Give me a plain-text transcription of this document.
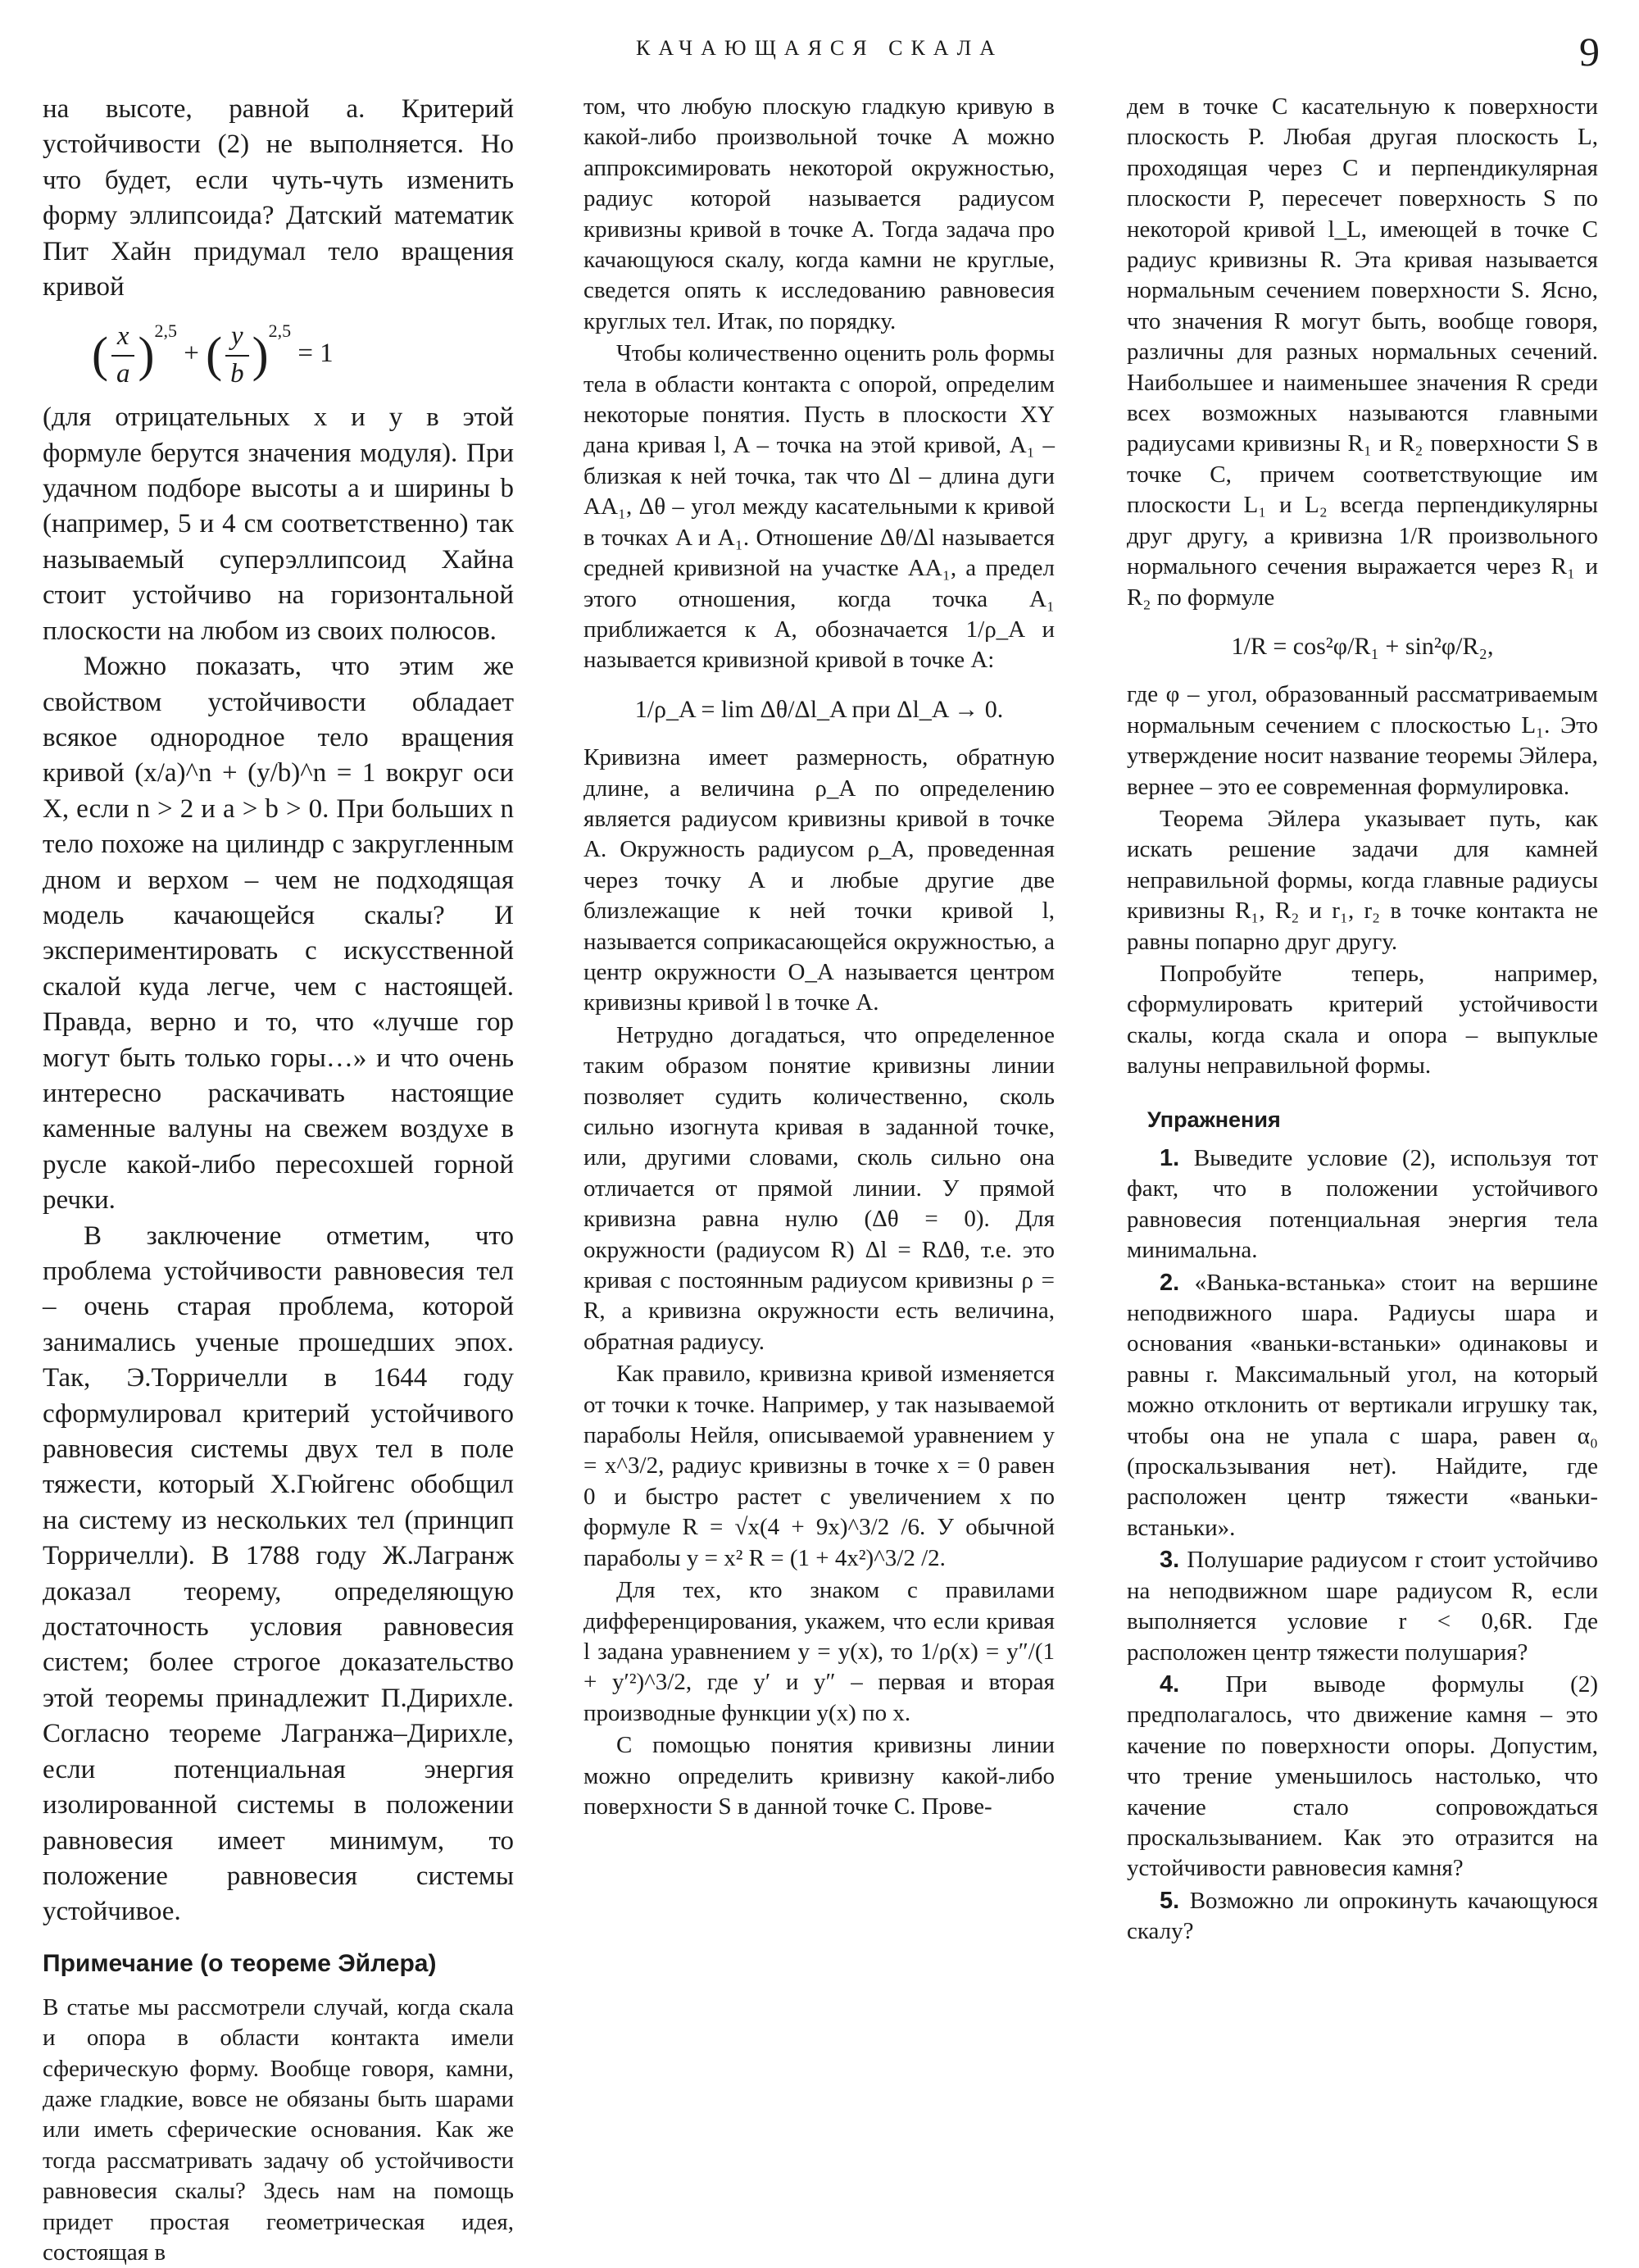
КАЧАЮЩАЯСЯ СКАЛА	9

на высоте, равной a. Критерий устойчивости (2) не выполняется. Но что будет, если чуть-чуть изменить форму эллипсоида? Датский математик Пит Хайн придумал тело вращения кривой

( $\frac{x}{a} )^{2,5}$ + ( $\frac{y}{b} )^{2,5} = 1$

(для отрицательных x и y в этой формуле берутся значения модуля). При удачном подборе высоты a и ширины b (например, 5 и 4 см соответственно) так называемый суперэллипсоид Хайна стоит устойчиво на горизонтальной плоскости на любом из своих полюсов.

Можно показать, что этим же свойством устойчивости обладает всякое однородное тело вращения кривой (x/a)^n + (y/b)^n = 1 вокруг оси X, если n > 2 и a > b > 0. При больших n тело похоже на цилиндр с закругленным дном и верхом – чем не подходящая модель качающейся скалы? И экспериментировать с искусственной скалой куда легче, чем с настоящей. Правда, верно и то, что «лучше гор могут быть только горы…» и что очень интересно раскачивать настоящие каменные валуны на свежем воздухе в русле какой-либо пересохшей горной речки.

В заключение отметим, что проблема устойчивости равновесия тел – очень старая проблема, которой занимались ученые прошедших эпох. Так, Э.Торричелли в 1644 году сформулировал критерий устойчивого равновесия системы двух тел в поле тяжести, который Х.Гюйгенс обобщил на систему из нескольких тел (принцип Торричелли). В 1788 году Ж.Лагранж доказал теорему, определяющую достаточность условия равновесия систем; более строгое доказательство этой теоремы принадлежит П.Дирихле. Согласно теореме Лагранжа–Дирихле, если потенциальная энергия изолированной системы в положении равновесия имеет минимум, то положение равновесия системы устойчивое.

Примечание (о теореме Эйлера)

В статье мы рассмотрели случай, когда скала и опора в области контакта имели сферическую форму. Вообще говоря, камни, даже гладкие, вовсе не обязаны быть шарами или иметь сферические основания. Как же тогда рассматривать задачу об устойчивости равновесия скалы? Здесь нам на помощь придет простая геометрическая идея, состоящая в

том, что любую плоскую гладкую кривую в какой-либо произвольной точке A можно аппроксимировать некоторой окружностью, радиус которой называется радиусом кривизны кривой в точке A. Тогда задача про качающуюся скалу, когда камни не круглые, сведется опять к исследованию равновесия круглых тел. Итак, по порядку.

Чтобы количественно оценить роль формы тела в области контакта с опорой, определим некоторые понятия. Пусть в плоскости XY дана кривая l, A – точка на этой кривой, A₁ – близкая к ней точка, так что Δl – длина дуги AA₁, Δθ – угол между касательными к кривой в точках A и A₁. Отношение Δθ/Δl называется средней кривизной на участке AA₁, а предел этого отношения, когда точка A₁ приближается к A, обозначается 1/ρ_A и называется кривизной кривой в точке A:

1/ρ_A = lim Δθ/Δl_A при Δl_A → 0.

Кривизна имеет размерность, обратную длине, а величина ρ_A по определению является радиусом кривизны кривой в точке A. Окружность радиусом ρ_A, проведенная через точку A и любые другие две близлежащие к ней точки кривой l, называется соприкасающейся окружностью, а центр окружности O_A называется центром кривизны кривой l в точке A.

Нетрудно догадаться, что определенное таким образом понятие кривизны линии позволяет судить количественно, сколь сильно изогнута кривая в заданной точке, или, другими словами, сколь сильно она отличается от прямой линии. У прямой кривизна равна нулю (Δθ = 0). Для окружности (радиусом R) Δl = RΔθ, т.е. это кривая с постоянным радиусом кривизны ρ = R, а кривизна окружности есть величина, обратная радиусу.

Как правило, кривизна кривой изменяется от точки к точке. Например, у так называемой параболы Нейля, описываемой уравнением y = x^3/2, радиус кривизны в точке x = 0 равен 0 и быстро растет с увеличением x по формуле R = √x(4 + 9x)^3/2 /6. У обычной параболы y = x² R = (1 + 4x²)^3/2 /2.

Для тех, кто знаком с правилами дифференцирования, укажем, что если кривая l задана уравнением y = y(x), то 1/ρ(x) = y″/(1 + y′²)^3/2, где y′ и y″ – первая и вторая производные функции y(x) по x.

С помощью понятия кривизны линии можно определить кривизну какой-либо поверхности S в данной точке C. Прове-

дем в точке C касательную к поверхности плоскость P. Любая другая плоскость L, проходящая через C и перпендикулярная плоскости P, пересечет поверхность S по некоторой кривой l_L, имеющей в точке C радиус кривизны R. Эта кривая называется нормальным сечением поверхности S. Ясно, что значения R могут быть, вообще говоря, различны для разных нормальных сечений. Наибольшее и наименьшее значения R среди всех возможных называются главными радиусами кривизны R₁ и R₂ поверхности S в точке C, причем соответствующие им плоскости L₁ и L₂ всегда перпендикулярны друг другу, а кривизна 1/R произвольного нормального сечения выражается через R₁ и R₂ по формуле

1/R = cos²φ/R₁ + sin²φ/R₂,

где φ – угол, образованный рассматриваемым нормальным сечением с плоскостью L₁. Это утверждение носит название теоремы Эйлера, вернее – это ее современная формулировка.

Теорема Эйлера указывает путь, как искать решение задачи для камней неправильной формы, когда главные радиусы кривизны R₁, R₂ и r₁, r₂ в точке контакта не равны попарно друг другу.

Попробуйте теперь, например, сформулировать критерий устойчивости скалы, когда скала и опора – выпуклые валуны неправильной формы.

Упражнения

1. Выведите условие (2), используя тот факт, что в положении устойчивого равновесия потенциальная энергия тела минимальна.

2. «Ванька-встанька» стоит на вершине неподвижного шара. Радиусы шара и основания «ваньки-встаньки» одинаковы и равны r. Максимальный угол, на который можно отклонить от вертикали игрушку так, чтобы она не упала с шара, равен α₀ (проскальзывания нет). Найдите, где расположен центр тяжести «ваньки-встаньки».

3. Полушарие радиусом r стоит устойчиво на неподвижном шаре радиусом R, если выполняется условие r < 0,6R. Где расположен центр тяжести полушария?

4. При выводе формулы (2) предполагалось, что движение камня – это качение по поверхности опоры. Допустим, что трение уменьшилось настолько, что качение стало сопровождаться проскальзыванием. Как это отразится на устойчивости равновесия камня?

5. Возможно ли опрокинуть качающуюся скалу?
